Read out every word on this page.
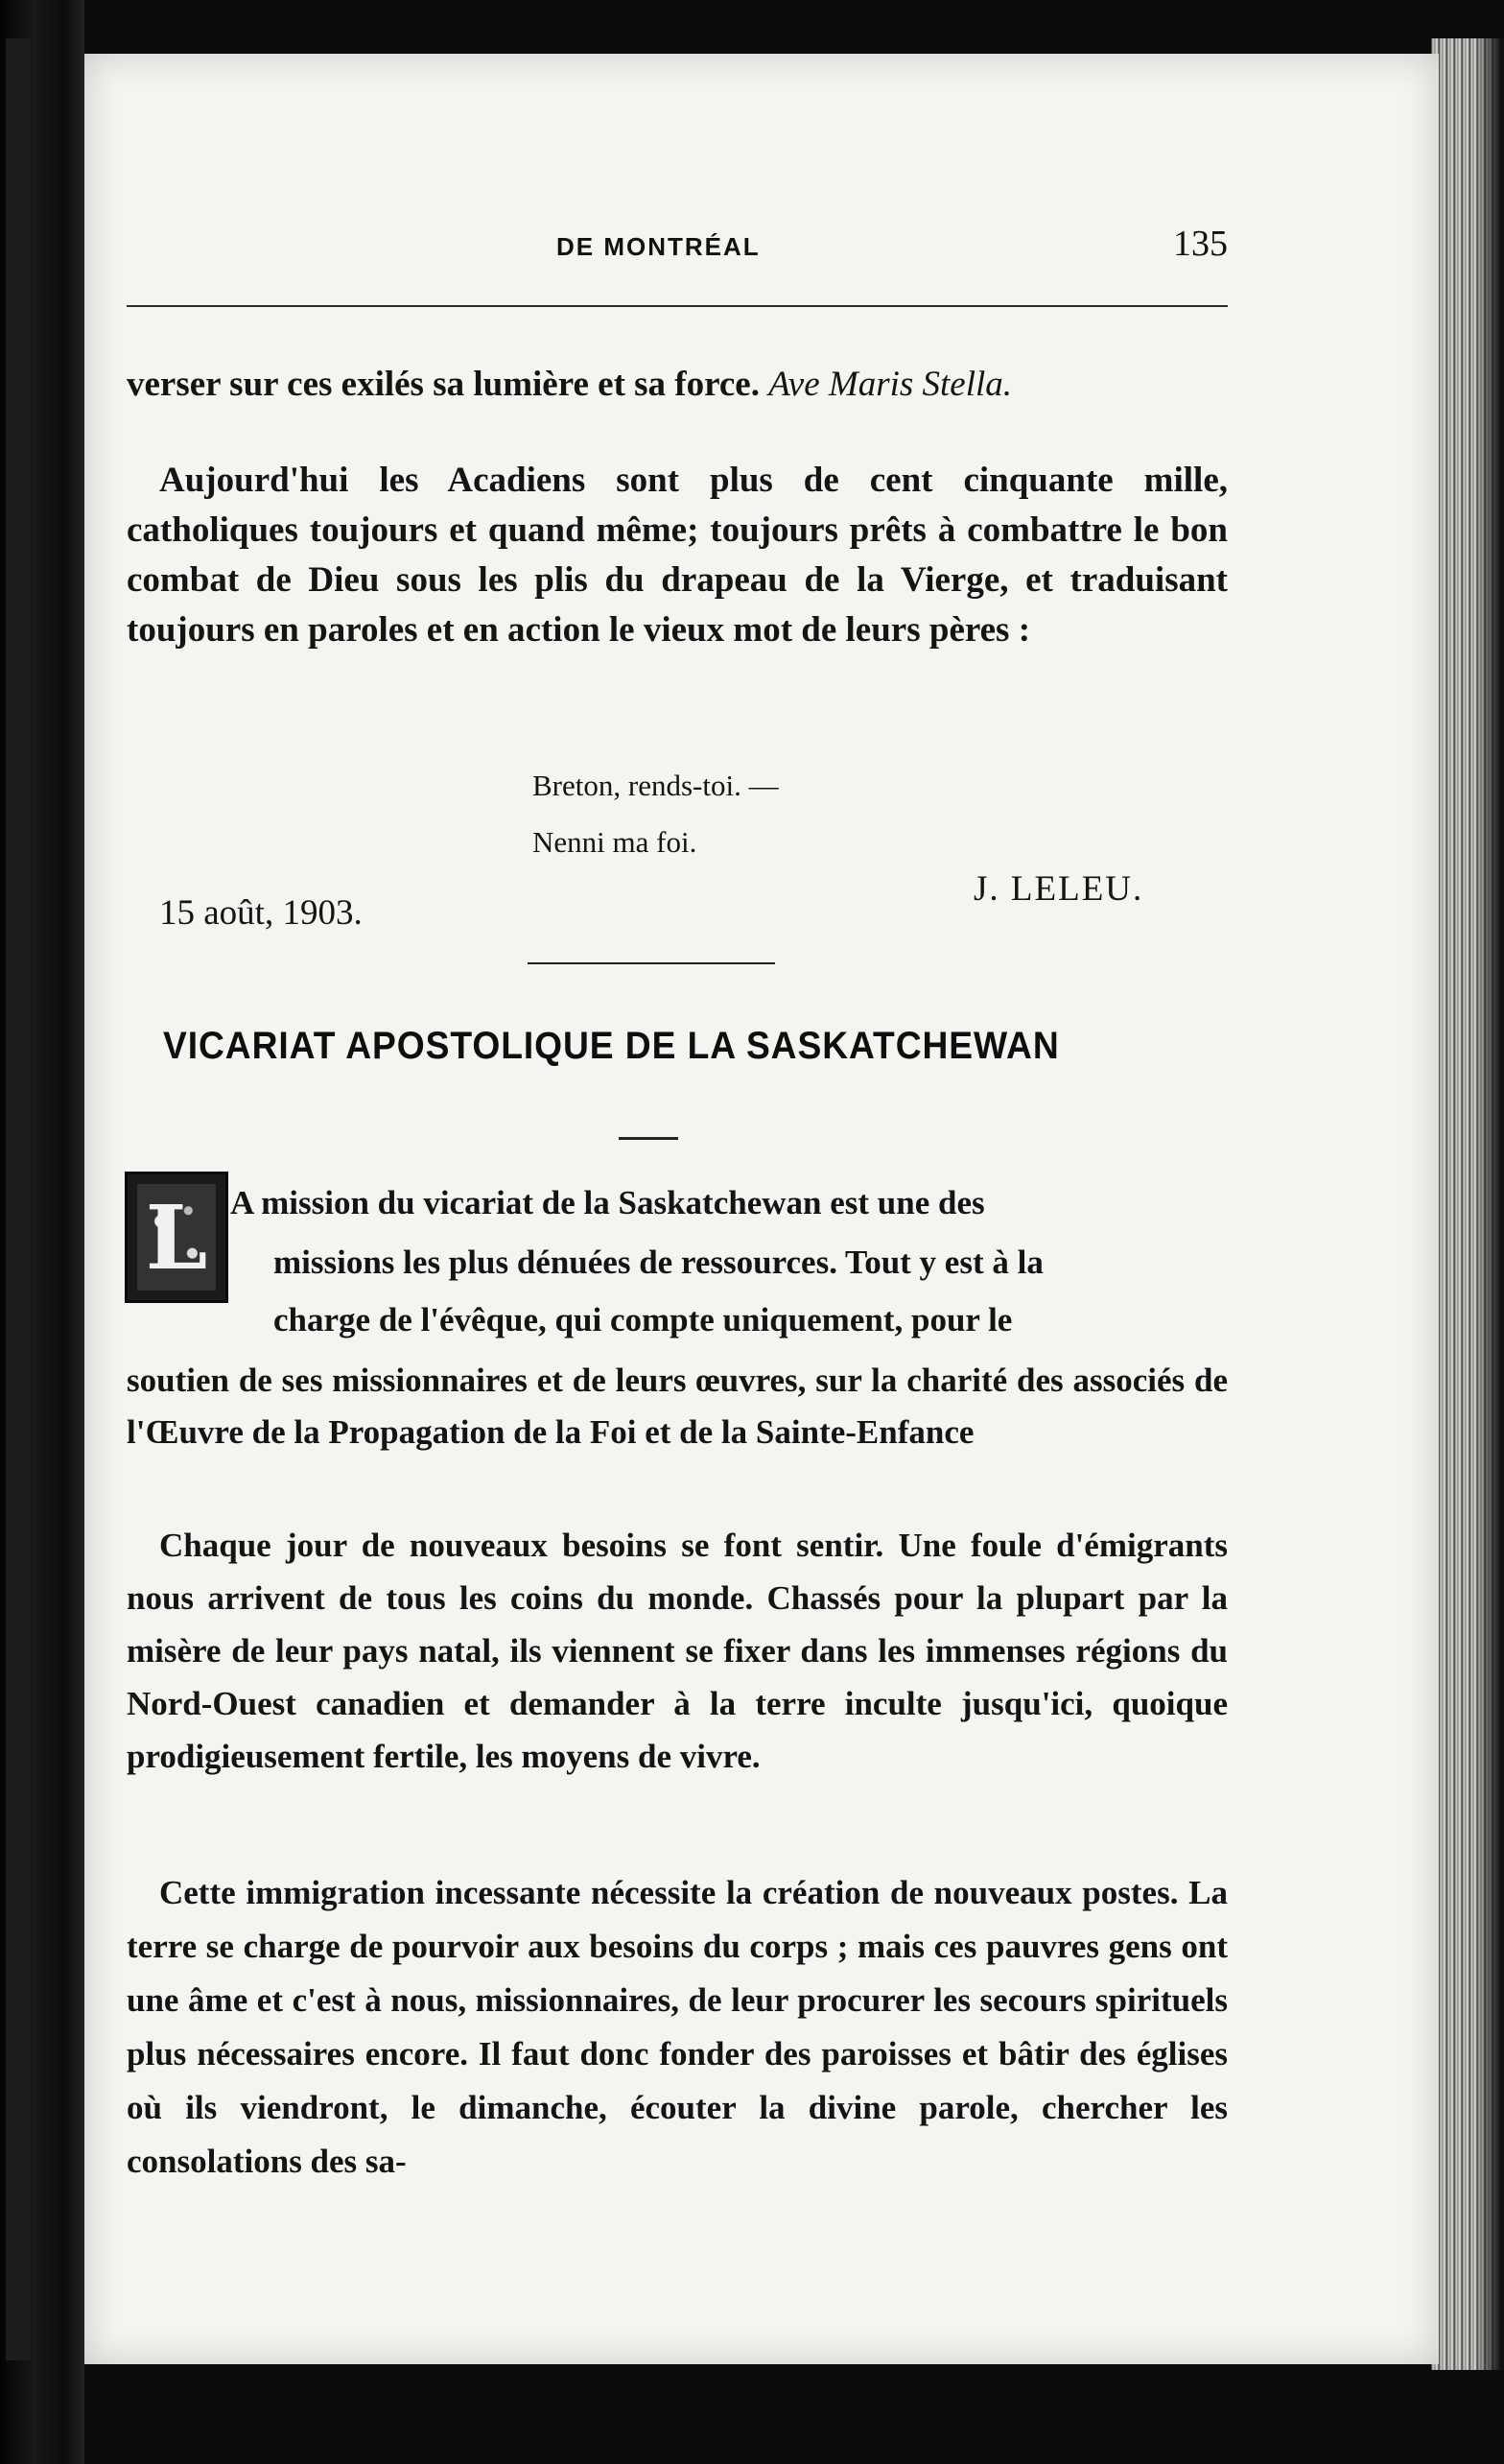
DE MONTRÉAL	135

verser sur ces exilés sa lumière et sa force. Ave Maris Stella.

Aujourd'hui les Acadiens sont plus de cent cinquante mille, catholiques toujours et quand même; toujours prêts à combattre le bon combat de Dieu sous les plis du drapeau de la Vierge, et traduisant toujours en paroles et en action le vieux mot de leurs pères :

Breton, rends-toi. —

Nenni ma foi.

15 août, 1903.
J. LELEU.
VICARIAT APOSTOLIQUE DE LA SASKATCHEWAN
L A mission du vicariat de la Saskatchewan est une des
missions les plus dénuées de ressources. Tout y est à la
charge de l'évêque, qui compte uniquement, pour le

soutien de ses missionnaires et de leurs œuvres, sur la charité des associés de l'Œuvre de la Propagation de la Foi et de la Sainte-Enfance

Chaque jour de nouveaux besoins se font sentir. Une foule d'émigrants nous arrivent de tous les coins du monde. Chassés pour la plupart par la misère de leur pays natal, ils viennent se fixer dans les immenses régions du Nord-Ouest canadien et demander à la terre inculte jusqu'ici, quoique prodigieusement fertile, les moyens de vivre.

Cette immigration incessante nécessite la création de nouveaux postes. La terre se charge de pourvoir aux besoins du corps ; mais ces pauvres gens ont une âme et c'est à nous, missionnaires, de leur procurer les secours spirituels plus nécessaires encore. Il faut donc fonder des paroisses et bâtir des églises où ils viendront, le dimanche, écouter la divine parole, chercher les consolations des sa-
